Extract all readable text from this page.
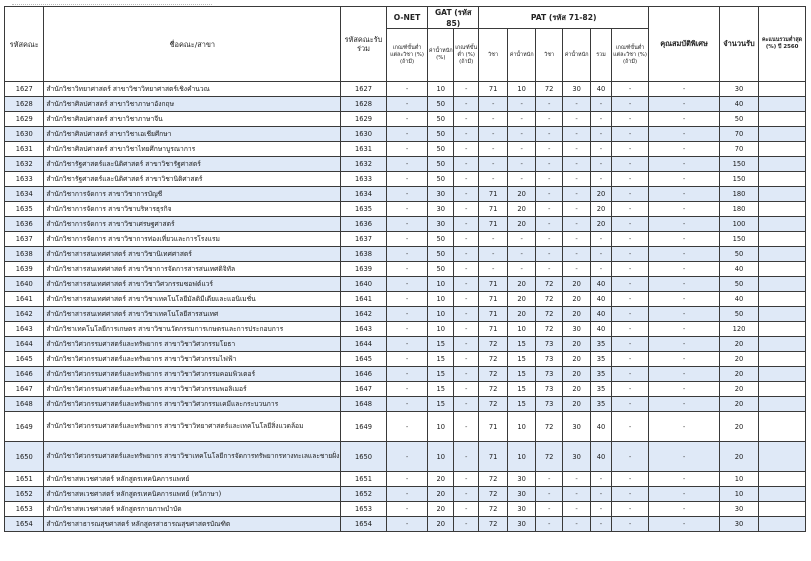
รหัสคณะ	ชื่อคณะ/สาขา	รหัสคณะรับร่วม	O-NET	GAT (รหัส 85)		PAT (รหัส 71-82)						คุณสมบัติพิเศษ	จำนวนรับ	คะแนนรวมต่ำสุด (%) ปี 2560
			เกณฑ์ขั้นต่ำแต่ละวิชา (%) (ถ้ามี)	ค่าน้ำหนัก (%)	เกณฑ์ขั้นต่ำ (%) (ถ้ามี)	วิชา	ค่าน้ำหนัก	วิชา	ค่าน้ำหนัก	รวม	เกณฑ์ขั้นต่ำแต่ละวิชา (%) (ถ้ามี)			
1627	สำนักวิชาวิทยาศาสตร์ สาขาวิชาวิทยาศาสตร์เชิงคำนวณ	1627	-	10	-	71	10	72	30	40	-	-	30	
1628	สำนักวิชาศิลปศาสตร์ สาขาวิชาภาษาอังกฤษ	1628	-	50	-	-	-	-	-	-	-	-	40	
1629	สำนักวิชาศิลปศาสตร์ สาขาวิชาภาษาจีน	1629	-	50	-	-	-	-	-	-	-	-	50	
1630	สำนักวิชาศิลปศาสตร์ สาขาวิชาเอเชียศึกษา	1630	-	50	-	-	-	-	-	-	-	-	70	
1631	สำนักวิชาศิลปศาสตร์ สาขาวิชาไทยศึกษาบูรณาการ	1631	-	50	-	-	-	-	-	-	-	-	70	
1632	สำนักวิชารัฐศาสตร์และนิติศาสตร์ สาขาวิชารัฐศาสตร์	1632	-	50	-	-	-	-	-	-	-	-	150	
1633	สำนักวิชารัฐศาสตร์และนิติศาสตร์ สาขาวิชานิติศาสตร์	1633	-	50	-	-	-	-	-	-	-	-	150	
1634	สำนักวิชาการจัดการ สาขาวิชาการบัญชี	1634	-	30	-	71	20	-	-	20	-	-	180	
1635	สำนักวิชาการจัดการ สาขาวิชาบริหารธุรกิจ	1635	-	30	-	71	20	-	-	20	-	-	180	
1636	สำนักวิชาการจัดการ สาขาวิชาเศรษฐศาสตร์	1636	-	30	-	71	20	-	-	20	-	-	100	
1637	สำนักวิชาการจัดการ สาขาวิชาการท่องเที่ยวและการโรงแรม	1637	-	50	-	-	-	-	-	-	-	-	150	
1638	สำนักวิชาสารสนเทศศาสตร์ สาขาวิชานิเทศศาสตร์	1638	-	50	-	-	-	-	-	-	-	-	50	
1639	สำนักวิชาสารสนเทศศาสตร์ สาขาวิชาการจัดการสารสนเทศดิจิทัล	1639	-	50	-	-	-	-	-	-	-	-	40	
1640	สำนักวิชาสารสนเทศศาสตร์ สาขาวิชาวิศวกรรมซอฟต์แวร์	1640	-	10	-	71	20	72	20	40	-	-	50	
1641	สำนักวิชาสารสนเทศศาสตร์ สาขาวิชาเทคโนโลยีมัลติมีเดียและแอนิเมชั่น	1641	-	10	-	71	20	72	20	40	-	-	40	
1642	สำนักวิชาสารสนเทศศาสตร์ สาขาวิชาเทคโนโลยีสารสนเทศ	1642	-	10	-	71	20	72	20	40	-	-	50	
1643	สำนักวิชาเทคโนโลยีการเกษตร สาขาวิชานวัตกรรมการเกษตรและการประกอบการ	1643	-	10	-	71	10	72	30	40	-	-	120	
1644	สำนักวิชาวิศวกรรมศาสตร์และทรัพยากร สาขาวิชาวิศวกรรมโยธา	1644	-	15	-	72	15	73	20	35	-	-	20	
1645	สำนักวิชาวิศวกรรมศาสตร์และทรัพยากร สาขาวิชาวิศวกรรมไฟฟ้า	1645	-	15	-	72	15	73	20	35	-	-	20	
1646	สำนักวิชาวิศวกรรมศาสตร์และทรัพยากร สาขาวิชาวิศวกรรมคอมพิวเตอร์	1646	-	15	-	72	15	73	20	35	-	-	20	
1647	สำนักวิชาวิศวกรรมศาสตร์และทรัพยากร สาขาวิชาวิศวกรรมพอลิเมอร์	1647	-	15	-	72	15	73	20	35	-	-	20	
1648	สำนักวิชาวิศวกรรมศาสตร์และทรัพยากร สาขาวิชาวิศวกรรมเคมีและกระบวนการ	1648	-	15	-	72	15	73	20	35	-	-	20	
1649	สำนักวิชาวิศวกรรมศาสตร์และทรัพยากร สาขาวิชาวิทยาศาสตร์และเทคโนโลยีสิ่งแวดล้อม	1649	-	10	-	71	10	72	30	40	-	-	20	
1650	สำนักวิชาวิศวกรรมศาสตร์และทรัพยากร สาขาวิชาเทคโนโลยีการจัดการทรัพยากรทางทะเลและชายฝั่ง	1650	-	10	-	71	10	72	30	40	-	-	20	
1651	สำนักวิชาสหเวชศาสตร์ หลักสูตรเทคนิคการแพทย์	1651	-	20	-	72	30	-	-	-	-	-	10	
1652	สำนักวิชาสหเวชศาสตร์ หลักสูตรเทคนิคการแพทย์ (ทวิภาษา)	1652	-	20	-	72	30	-	-	-	-	-	10	
1653	สำนักวิชาสหเวชศาสตร์ หลักสูตรกายภาพบำบัด	1653	-	20	-	72	30	-	-	-	-	-	30	
1654	สำนักวิชาสาธารณสุขศาสตร์ หลักสูตรสาธารณสุขศาสตรบัณฑิต	1654	-	20	-	72	30	-	-	-	-	-	30	
